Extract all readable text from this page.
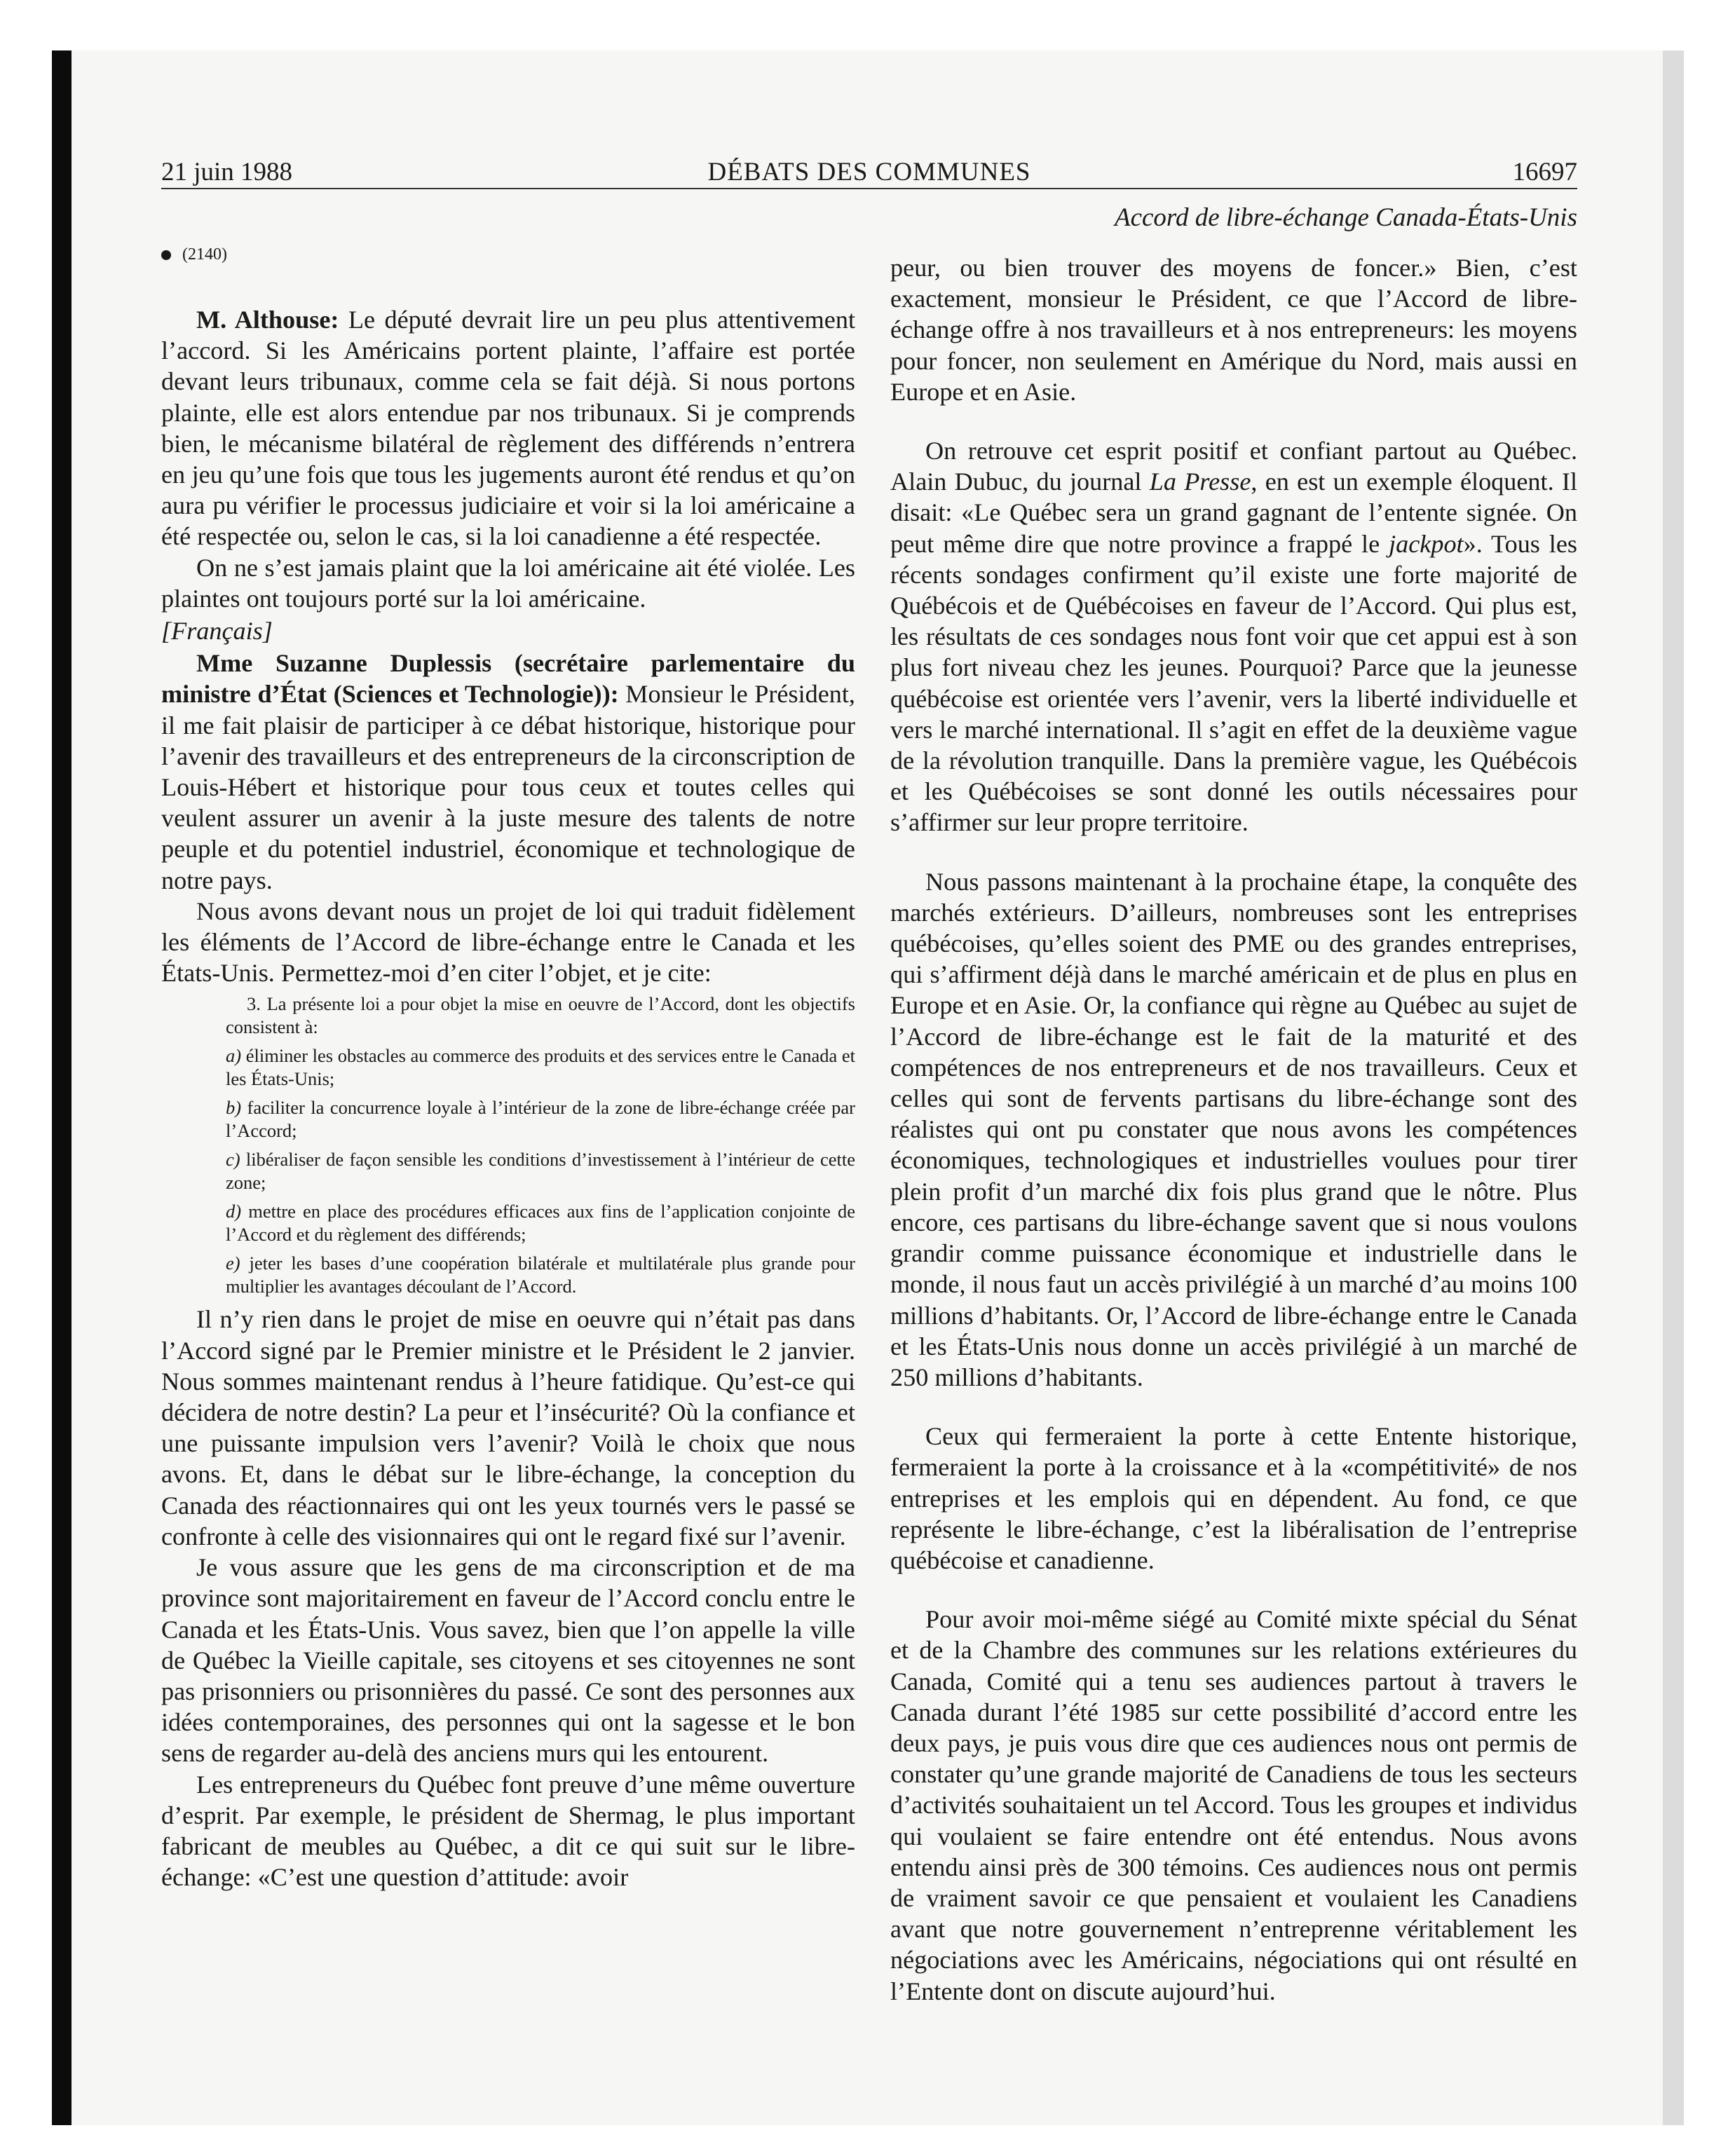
21 juin 1988	DÉBATS DES COMMUNES	16697
Accord de libre-échange Canada-États-Unis
(2140)

M. Althouse: Le député devrait lire un peu plus attentivement l’accord. Si les Américains portent plainte, l’affaire est portée devant leurs tribunaux, comme cela se fait déjà. Si nous portons plainte, elle est alors entendue par nos tribunaux. Si je comprends bien, le mécanisme bilatéral de règlement des différends n’entrera en jeu qu’une fois que tous les jugements auront été rendus et qu’on aura pu vérifier le processus judiciaire et voir si la loi américaine a été respectée ou, selon le cas, si la loi canadienne a été respectée.

On ne s’est jamais plaint que la loi américaine ait été violée. Les plaintes ont toujours porté sur la loi américaine.

[Français]

Mme Suzanne Duplessis (secrétaire parlementaire du ministre d’État (Sciences et Technologie)): Monsieur le Président, il me fait plaisir de participer à ce débat historique, historique pour l’avenir des travailleurs et des entrepreneurs de la circonscription de Louis-Hébert et historique pour tous ceux et toutes celles qui veulent assurer un avenir à la juste mesure des talents de notre peuple et du potentiel industriel, économique et technologique de notre pays.

Nous avons devant nous un projet de loi qui traduit fidèlement les éléments de l’Accord de libre-échange entre le Canada et les États-Unis. Permettez-moi d’en citer l’objet, et je cite:

3. La présente loi a pour objet la mise en oeuvre de l’Accord, dont les objectifs consistent à:

a) éliminer les obstacles au commerce des produits et des services entre le Canada et les États-Unis;

b) faciliter la concurrence loyale à l’intérieur de la zone de libre-échange créée par l’Accord;

c) libéraliser de façon sensible les conditions d’investissement à l’intérieur de cette zone;

d) mettre en place des procédures efficaces aux fins de l’application conjointe de l’Accord et du règlement des différends;

e) jeter les bases d’une coopération bilatérale et multilatérale plus grande pour multiplier les avantages découlant de l’Accord.

Il n’y rien dans le projet de mise en oeuvre qui n’était pas dans l’Accord signé par le Premier ministre et le Président le 2 janvier. Nous sommes maintenant rendus à l’heure fatidique. Qu’est-ce qui décidera de notre destin? La peur et l’insécurité? Où la confiance et une puissante impulsion vers l’avenir? Voilà le choix que nous avons. Et, dans le débat sur le libre-échange, la conception du Canada des réactionnaires qui ont les yeux tournés vers le passé se confronte à celle des visionnaires qui ont le regard fixé sur l’avenir.

Je vous assure que les gens de ma circonscription et de ma province sont majoritairement en faveur de l’Accord conclu entre le Canada et les États-Unis. Vous savez, bien que l’on appelle la ville de Québec la Vieille capitale, ses citoyens et ses citoyennes ne sont pas prisonniers ou prisonnières du passé. Ce sont des personnes aux idées contemporaines, des personnes qui ont la sagesse et le bon sens de regarder au-delà des anciens murs qui les entourent.

Les entrepreneurs du Québec font preuve d’une même ouverture d’esprit. Par exemple, le président de Shermag, le plus important fabricant de meubles au Québec, a dit ce qui suit sur le libre-échange: «C’est une question d’attitude: avoir

peur, ou bien trouver des moyens de foncer.» Bien, c’est exactement, monsieur le Président, ce que l’Accord de libre-échange offre à nos travailleurs et à nos entrepreneurs: les moyens pour foncer, non seulement en Amérique du Nord, mais aussi en Europe et en Asie.

On retrouve cet esprit positif et confiant partout au Québec. Alain Dubuc, du journal La Presse, en est un exemple éloquent. Il disait: «Le Québec sera un grand gagnant de l’entente signée. On peut même dire que notre province a frappé le jackpot». Tous les récents sondages confirment qu’il existe une forte majorité de Québécois et de Québécoises en faveur de l’Accord. Qui plus est, les résultats de ces sondages nous font voir que cet appui est à son plus fort niveau chez les jeunes. Pourquoi? Parce que la jeunesse québécoise est orientée vers l’avenir, vers la liberté individuelle et vers le marché international. Il s’agit en effet de la deuxième vague de la révolution tranquille. Dans la première vague, les Québécois et les Québécoises se sont donné les outils nécessaires pour s’affirmer sur leur propre territoire.

Nous passons maintenant à la prochaine étape, la conquête des marchés extérieurs. D’ailleurs, nombreuses sont les entreprises québécoises, qu’elles soient des PME ou des grandes entreprises, qui s’affirment déjà dans le marché américain et de plus en plus en Europe et en Asie. Or, la confiance qui règne au Québec au sujet de l’Accord de libre-échange est le fait de la maturité et des compétences de nos entrepreneurs et de nos travailleurs. Ceux et celles qui sont de fervents partisans du libre-échange sont des réalistes qui ont pu constater que nous avons les compétences économiques, technologiques et industrielles voulues pour tirer plein profit d’un marché dix fois plus grand que le nôtre. Plus encore, ces partisans du libre-échange savent que si nous voulons grandir comme puissance économique et industrielle dans le monde, il nous faut un accès privilégié à un marché d’au moins 100 millions d’habitants. Or, l’Accord de libre-échange entre le Canada et les États-Unis nous donne un accès privilégié à un marché de 250 millions d’habitants.

Ceux qui fermeraient la porte à cette Entente historique, fermeraient la porte à la croissance et à la «compétitivité» de nos entreprises et les emplois qui en dépendent. Au fond, ce que représente le libre-échange, c’est la libéralisation de l’entreprise québécoise et canadienne.

Pour avoir moi-même siégé au Comité mixte spécial du Sénat et de la Chambre des communes sur les relations extérieures du Canada, Comité qui a tenu ses audiences partout à travers le Canada durant l’été 1985 sur cette possibilité d’accord entre les deux pays, je puis vous dire que ces audiences nous ont permis de constater qu’une grande majorité de Canadiens de tous les secteurs d’activités souhaitaient un tel Accord. Tous les groupes et individus qui voulaient se faire entendre ont été entendus. Nous avons entendu ainsi près de 300 témoins. Ces audiences nous ont permis de vraiment savoir ce que pensaient et voulaient les Canadiens avant que notre gouvernement n’entreprenne véritablement les négociations avec les Américains, négociations qui ont résulté en l’Entente dont on discute aujourd’hui.
